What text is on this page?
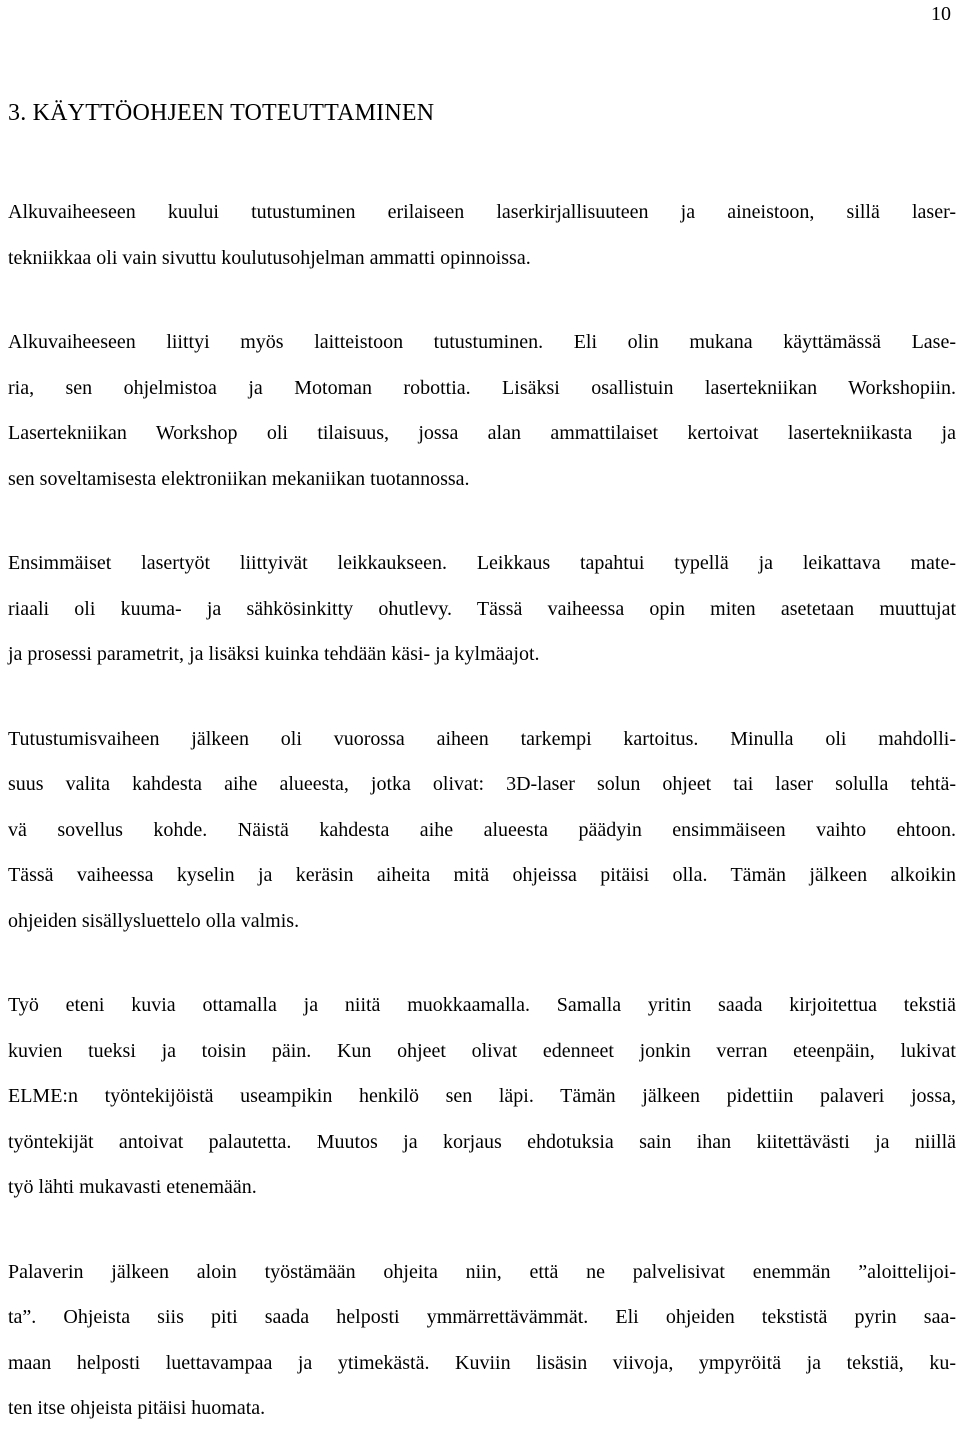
10
3. KÄYTTÖOHJEEN TOTEUTTAMINEN

Alkuvaiheeseen kuului tutustuminen erilaiseen laserkirjallisuuteen ja aineistoon, sillä laser-
tekniikkaa oli vain sivuttu koulutusohjelman ammatti opinnoissa.

Alkuvaiheeseen liittyi myös laitteistoon tutustuminen. Eli olin mukana käyttämässä Lase-
ria, sen ohjelmistoa ja Motoman robottia. Lisäksi osallistuin lasertekniikan Workshopiin.
Lasertekniikan Workshop oli tilaisuus, jossa alan ammattilaiset kertoivat lasertekniikasta ja
sen soveltamisesta elektroniikan mekaniikan tuotannossa.

Ensimmäiset lasertyöt liittyivät leikkaukseen. Leikkaus tapahtui typellä ja leikattava mate-
riaali oli kuuma- ja sähkösinkitty ohutlevy. Tässä vaiheessa opin miten asetetaan muuttujat
ja prosessi parametrit, ja lisäksi kuinka tehdään käsi- ja kylmäajot.

Tutustumisvaiheen jälkeen oli vuorossa aiheen tarkempi kartoitus. Minulla oli mahdolli-
suus valita kahdesta aihe alueesta, jotka olivat: 3D-laser solun ohjeet tai laser solulla tehtä-
vä sovellus kohde. Näistä kahdesta aihe alueesta päädyin ensimmäiseen vaihto ehtoon.
Tässä vaiheessa kyselin ja keräsin aiheita mitä ohjeissa pitäisi olla. Tämän jälkeen alkoikin
ohjeiden sisällysluettelo olla valmis.

Työ eteni kuvia ottamalla ja niitä muokkaamalla. Samalla yritin saada kirjoitettua tekstiä
kuvien tueksi ja toisin päin. Kun ohjeet olivat edenneet jonkin verran eteenpäin, lukivat
ELME:n työntekijöistä useampikin henkilö sen läpi. Tämän jälkeen pidettiin palaveri jossa,
työntekijät antoivat palautetta. Muutos ja korjaus ehdotuksia sain ihan kiitettävästi ja niillä
työ lähti mukavasti etenemään.

Palaverin jälkeen aloin työstämään ohjeita niin, että ne palvelisivat enemmän ”aloittelijoi-
ta”. Ohjeista siis piti saada helposti ymmärrettävämmät. Eli ohjeiden tekstistä pyrin saa-
maan helposti luettavampaa ja ytimekästä. Kuviin lisäsin viivoja, ympyröitä ja tekstiä, ku-
ten itse ohjeista pitäisi huomata.
